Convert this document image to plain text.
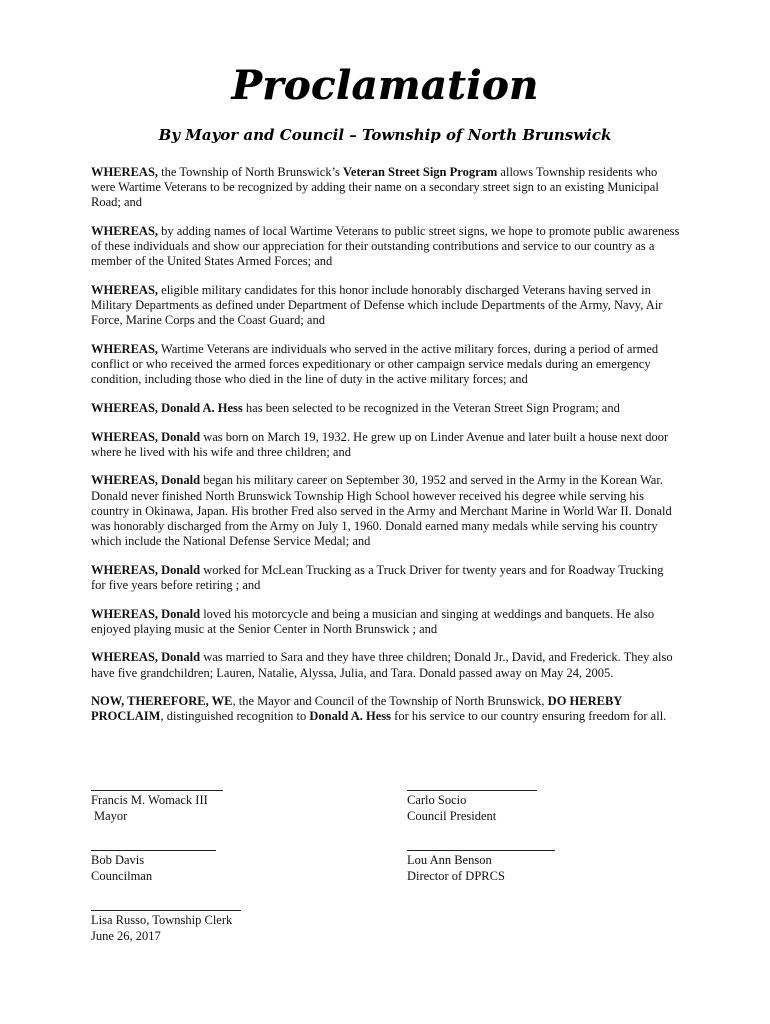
Proclamation
By Mayor and Council – Township of North Brunswick

WHEREAS, the Township of North Brunswick’s Veteran Street Sign Program allows Township residents who were Wartime Veterans to be recognized by adding their name on a secondary street sign to an existing Municipal Road; and

WHEREAS, by adding names of local Wartime Veterans to public street signs, we hope to promote public awareness of these individuals and show our appreciation for their outstanding contributions and service to our country as a member of the United States Armed Forces; and

WHEREAS, eligible military candidates for this honor include honorably discharged Veterans having served in Military Departments as defined under Department of Defense which include Departments of the Army, Navy, Air Force, Marine Corps and the Coast Guard; and

WHEREAS, Wartime Veterans are individuals who served in the active military forces, during a period of armed conflict or who received the armed forces expeditionary or other campaign service medals during an emergency condition, including those who died in the line of duty in the active military forces; and

WHEREAS, Donald A. Hess has been selected to be recognized in the Veteran Street Sign Program; and

WHEREAS, Donald was born on March 19, 1932. He grew up on Linder Avenue and later built a house next door where he lived with his wife and three children; and

WHEREAS, Donald began his military career on September 30, 1952 and served in the Army in the Korean War. Donald never finished North Brunswick Township High School however received his degree while serving his country in Okinawa, Japan. His brother Fred also served in the Army and Merchant Marine in World War II. Donald was honorably discharged from the Army on July 1, 1960. Donald earned many medals while serving his country which include the National Defense Service Medal; and

WHEREAS, Donald worked for McLean Trucking as a Truck Driver for twenty years and for Roadway Trucking for five years before retiring ; and

WHEREAS, Donald loved his motorcycle and being a musician and singing at weddings and banquets. He also enjoyed playing music at the Senior Center in North Brunswick ; and

WHEREAS, Donald was married to Sara and they have three children; Donald Jr., David, and Frederick. They also have five grandchildren; Lauren, Natalie, Alyssa, Julia, and Tara. Donald passed away on May 24, 2005.

NOW, THEREFORE, WE, the Mayor and Council of the Township of North Brunswick, DO HEREBY PROCLAIM, distinguished recognition to Donald A. Hess for his service to our country ensuring freedom for all.

Francis M. Womack III
Mayor
Carlo Socio
Council President
Bob Davis
Councilman
Lou Ann Benson
Director of DPRCS
Lisa Russo, Township Clerk
June 26, 2017
